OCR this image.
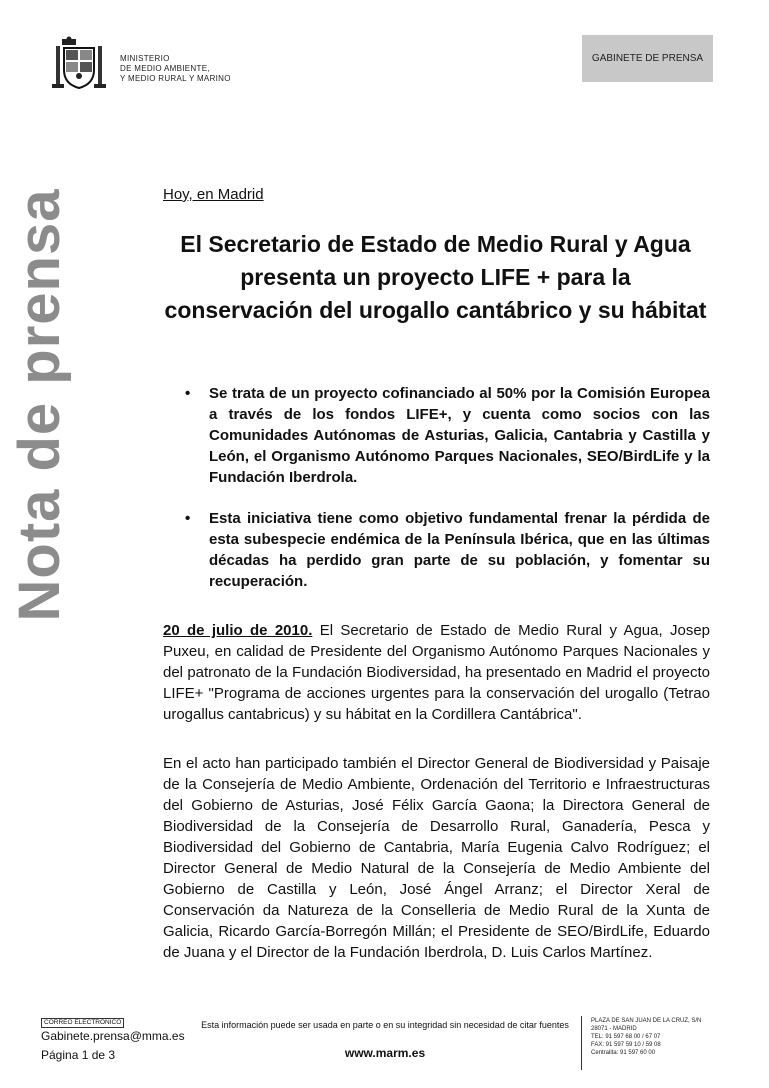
MINISTERIO
DE MEDIO AMBIENTE,
Y MEDIO RURAL Y MARINO
GABINETE DE PRENSA
Nota de prensa	Hoy, en Madrid
El Secretario de Estado de Medio Rural y Agua presenta un proyecto LIFE + para la conservación del urogallo cantábrico y su hábitat
• Se trata de un proyecto cofinanciado al 50% por la Comisión Europea a través de los fondos LIFE+, y cuenta como socios con las Comunidades Autónomas de Asturias, Galicia, Cantabria y Castilla y León, el Organismo Autónomo Parques Nacionales, SEO/BirdLife y la Fundación Iberdrola.
• Esta iniciativa tiene como objetivo fundamental frenar la pérdida de esta subespecie endémica de la Península Ibérica, que en las últimas décadas ha perdido gran parte de su población, y fomentar su recuperación.

20 de julio de 2010. El Secretario de Estado de Medio Rural y Agua, Josep Puxeu, en calidad de Presidente del Organismo Autónomo Parques Nacionales y del patronato de la Fundación Biodiversidad, ha presentado en Madrid el proyecto LIFE+ "Programa de acciones urgentes para la conservación del urogallo (Tetrao urogallus cantabricus) y su hábitat en la Cordillera Cantábrica".

En el acto han participado también el Director General de Biodiversidad y Paisaje de la Consejería de Medio Ambiente, Ordenación del Territorio e Infraestructuras del Gobierno de Asturias, José Félix García Gaona; la Directora General de Biodiversidad de la Consejería de Desarrollo Rural, Ganadería, Pesca y Biodiversidad del Gobierno de Cantabria, María Eugenia Calvo Rodríguez; el Director General de Medio Natural de la Consejería de Medio Ambiente del Gobierno de Castilla y León, José Ángel Arranz; el Director Xeral de Conservación da Natureza de la Conselleria de Medio Rural de la Xunta de Galicia, Ricardo García-Borregón Millán; el Presidente de SEO/BirdLife, Eduardo de Juana y el Director de la Fundación Iberdrola, D. Luis Carlos Martínez.

CORREO ELECTRÓNICO
Gabinete.prensa@mma.es
Página 1 de 3
Esta información puede ser usada en parte o en su integridad sin necesidad de citar fuentes
www.marm.es
PLAZA DE SAN JUAN DE LA CRUZ, S/N
28071 - MADRID
TEL: 91 597 68 00 / 67 07
FAX: 91 597 59 10 / 59 08
Centralita: 91 597 60 00
